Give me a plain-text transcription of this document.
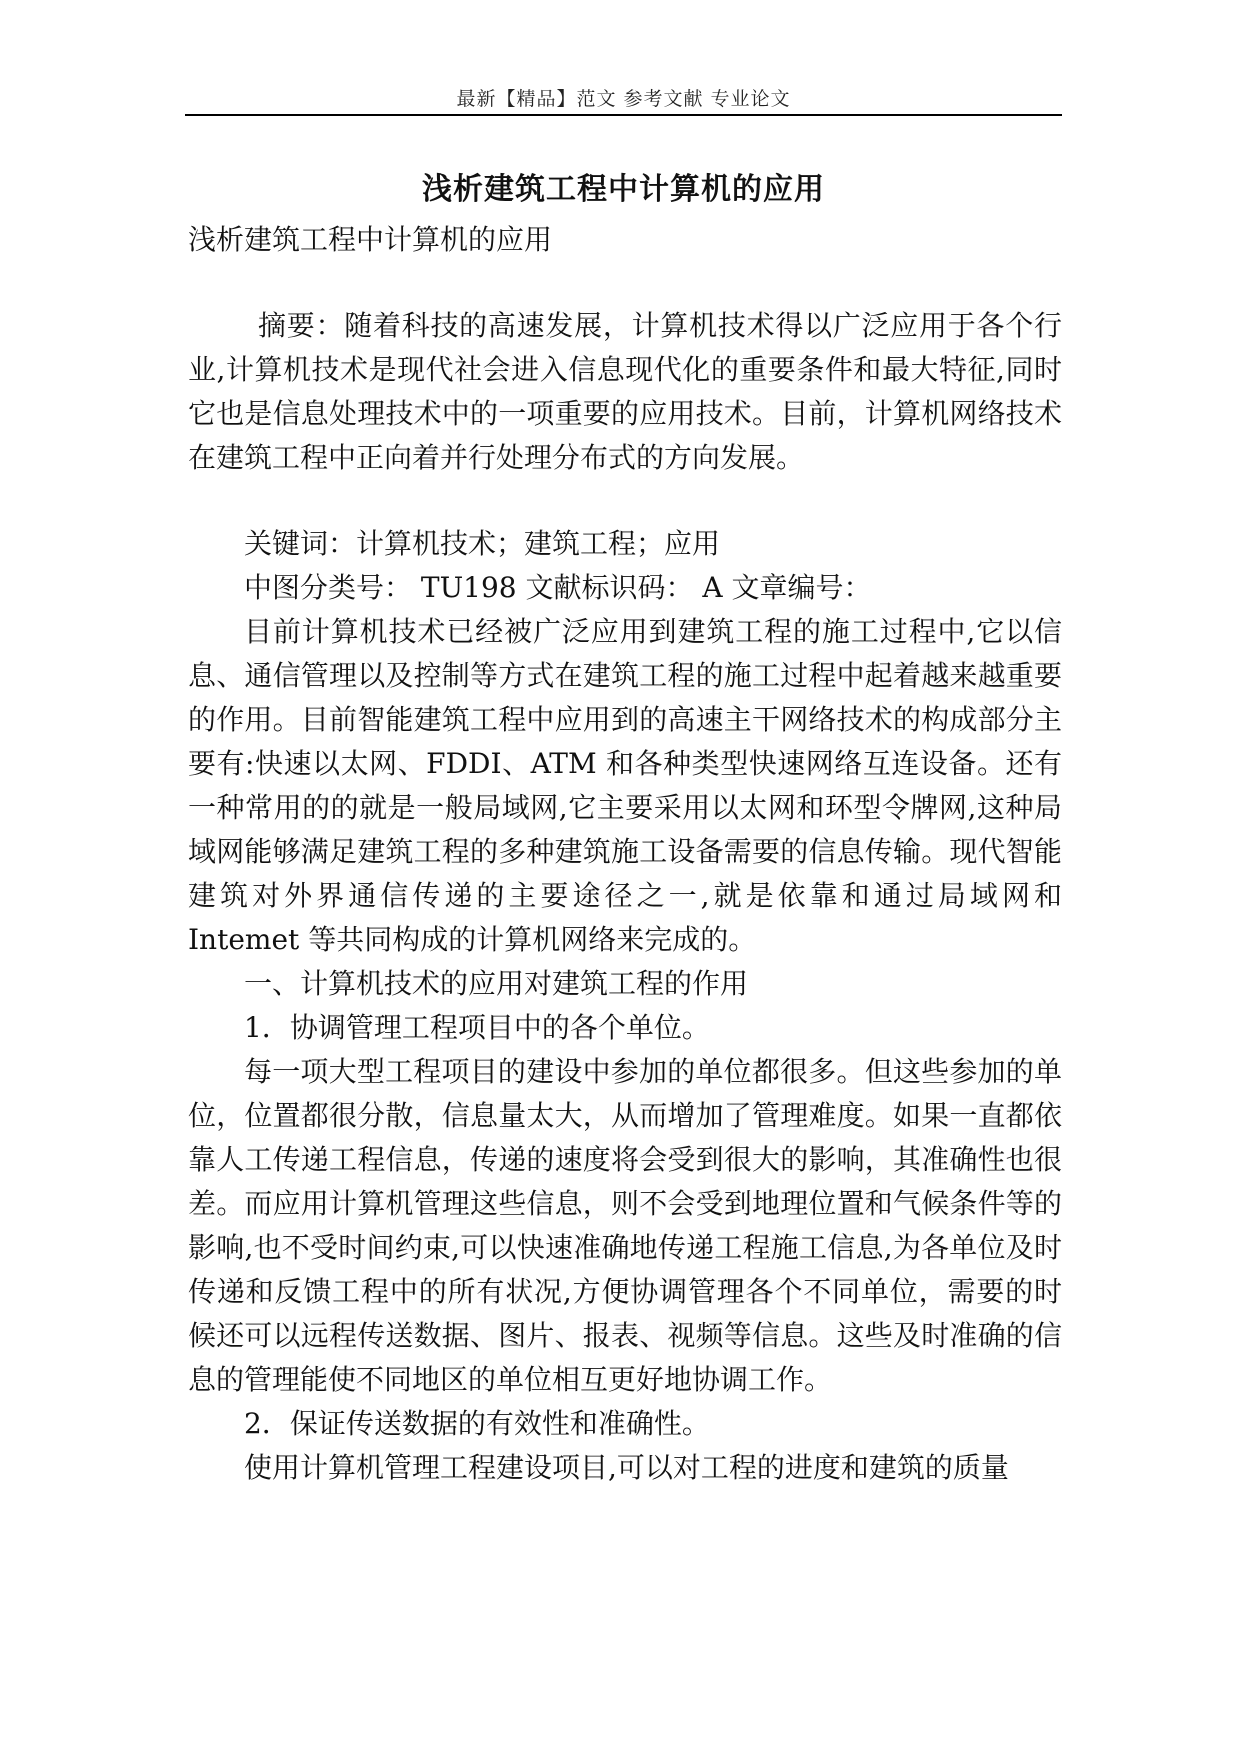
最新【精品】范文 参考文献 专业论文
浅析建筑工程中计算机的应用

浅析建筑工程中计算机的应用

摘要：随着科技的高速发展，计算机技术得以广泛应用于各个行业,计算机技术是现代社会进入信息现代化的重要条件和最大特征,同时它也是信息处理技术中的一项重要的应用技术。目前，计算机网络技术在建筑工程中正向着并行处理分布式的方向发展。

关键词：计算机技术；建筑工程；应用

中图分类号： TU198 文献标识码： A 文章编号：

目前计算机技术已经被广泛应用到建筑工程的施工过程中,它以信息、通信管理以及控制等方式在建筑工程的施工过程中起着越来越重要的作用。目前智能建筑工程中应用到的高速主干网络技术的构成部分主要有:快速以太网、FDDI、ATM 和各种类型快速网络互连设备。还有一种常用的的就是一般局域网,它主要采用以太网和环型令牌网,这种局域网能够满足建筑工程的多种建筑施工设备需要的信息传输。现代智能建筑对外界通信传递的主要途径之一,就是依靠和通过局域网和 Intemet 等共同构成的计算机网络来完成的。

一、计算机技术的应用对建筑工程的作用

1．协调管理工程项目中的各个单位。

每一项大型工程项目的建设中参加的单位都很多。但这些参加的单位，位置都很分散，信息量太大，从而增加了管理难度。如果一直都依靠人工传递工程信息，传递的速度将会受到很大的影响，其准确性也很差。而应用计算机管理这些信息，则不会受到地理位置和气候条件等的影响,也不受时间约束,可以快速准确地传递工程施工信息,为各单位及时传递和反馈工程中的所有状况,方便协调管理各个不同单位，需要的时候还可以远程传送数据、图片、报表、视频等信息。这些及时准确的信息的管理能使不同地区的单位相互更好地协调工作。

2．保证传送数据的有效性和准确性。

使用计算机管理工程建设项目,可以对工程的进度和建筑的质量
